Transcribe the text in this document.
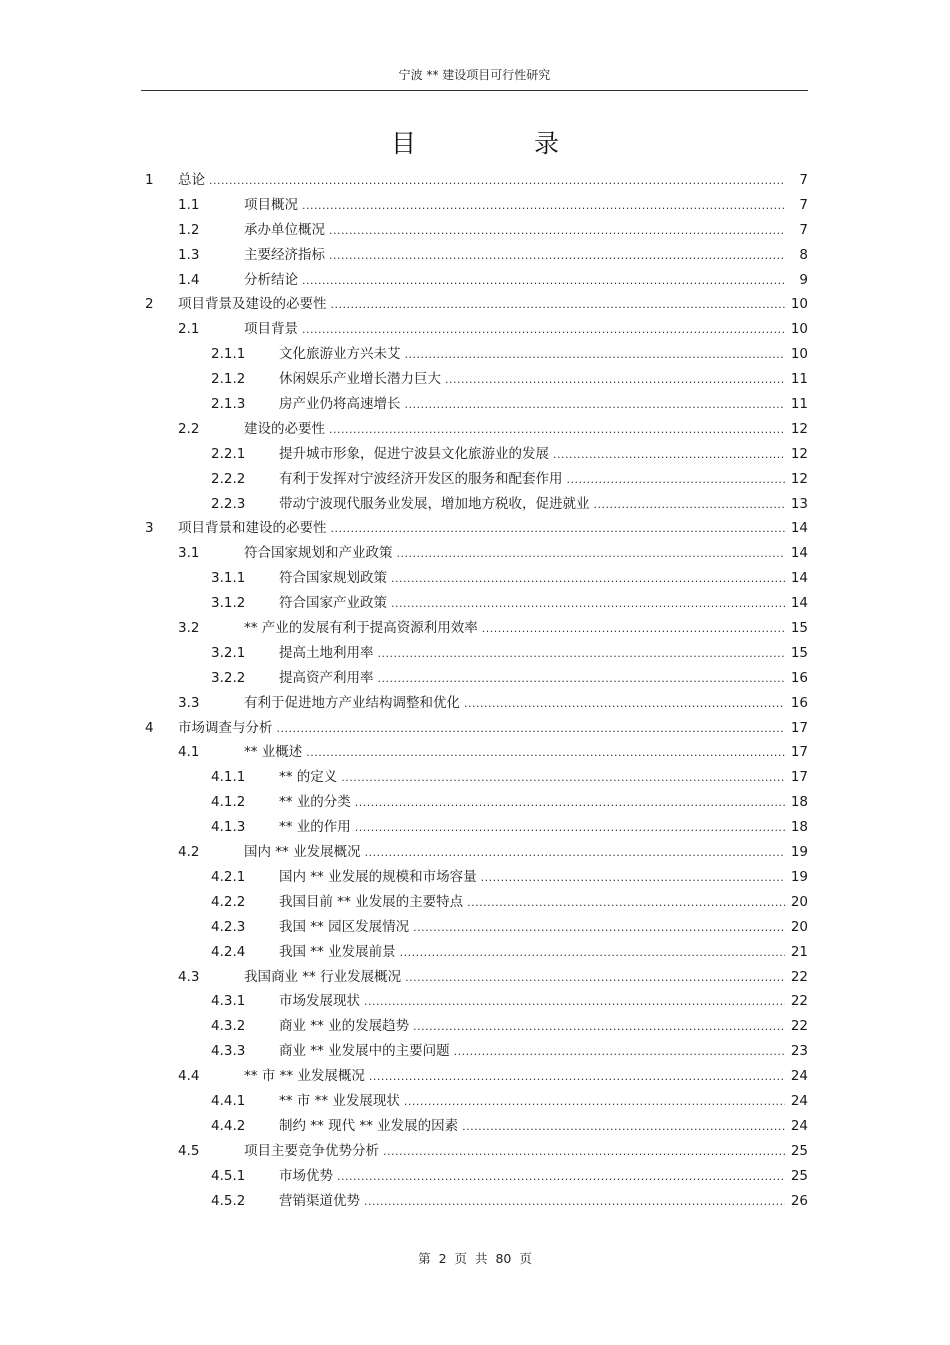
宁波 ** 建设项目可行性研究
目 录
1 总论 .....	7
1.1	项目概况 .....	7
1.2	承办单位概况 .....	7
1.3	主要经济指标 .....	8
1.4	分析结论 .....	9
2 项目背景及建设的必要性 .....	10
2.1	项目背景 .....	10
2.1.1 文化旅游业方兴未艾 .....	10
2.1.2 休闲娱乐产业增长潜力巨大 .....	11
2.1.3 房产业仍将高速增长 .....	11
2.2	建设的必要性 .....	12
2.2.1 提升城市形象，促进宁波县文化旅游业的发展 .....	12
2.2.2 有利于发挥对宁波经济开发区的服务和配套作用 .....	12
2.2.3 带动宁波现代服务业发展，增加地方税收，促进就业 .....	13
3 项目背景和建设的必要性 .....	14
3.1	符合国家规划和产业政策 .....	14
3.1.1 符合国家规划政策 .....	14
3.1.2 符合国家产业政策 .....	14
3.2	** 产业的发展有利于提高资源利用效率 .....	15
3.2.1 提高土地利用率 .....	15
3.2.2 提高资产利用率 .....	16
3.3	有利于促进地方产业结构调整和优化 .....	16
4 市场调查与分析 .....	17
4.1	** 业概述 .....	17
4.1.1 ** 的定义 .....	17
4.1.2 ** 业的分类 .....	18
4.1.3 ** 业的作用 .....	18
4.2	国内 ** 业发展概况 .....	19
4.2.1 国内 ** 业发展的规模和市场容量 .....	19
4.2.2 我国目前 ** 业发展的主要特点 .....	20
4.2.3 我国 ** 园区发展情况 .....	20
4.2.4 我国 ** 业发展前景 .....	21
4.3	我国商业 ** 行业发展概况 .....	22
4.3.1 市场发展现状 .....	22
4.3.2 商业 ** 业的发展趋势 .....	22
4.3.3 商业 ** 业发展中的主要问题 .....	23
4.4	** 市 ** 业发展概况 .....	24
4.4.1 ** 市 ** 业发展现状 .....	24
4.4.2 制约 ** 现代 ** 业发展的因素 .....	24
4.5	项目主要竞争优势分析 .....	25
4.5.1 市场优势 .....	25
4.5.2 营销渠道优势 .....	26
第 2 页 共 80 页
